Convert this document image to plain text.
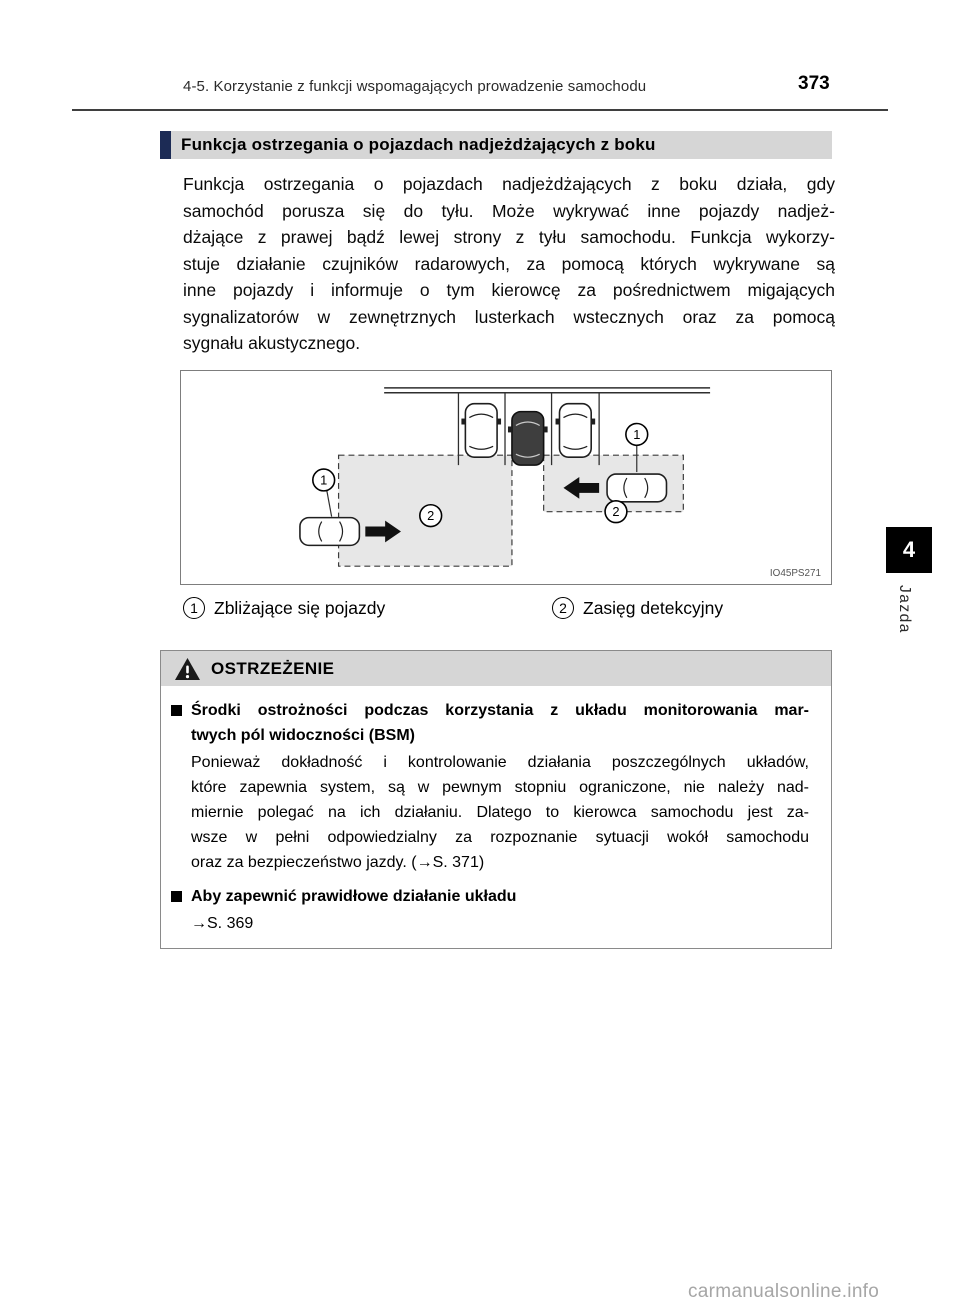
4-5. Korzystanie z funkcji wspomagających prowadzenie samochodu	373
Funkcja ostrzegania o pojazdach nadjeżdżających z boku
Funkcja ostrzegania o pojazdach nadjeżdżających z boku działa, gdy
samochód porusza się do tyłu. Może wykrywać inne pojazdy nadjeż-
dżające z prawej bądź lewej strony z tyłu samochodu. Funkcja wykorzy-
stuje działanie czujników radarowych, za pomocą których wykrywane są
inne pojazdy i informuje o tym kierowcę za pośrednictwem migających
sygnalizatorów w zewnętrznych lusterkach wstecznych oraz za pomocą
sygnału akustycznego.
1
2
1
2
IO45PS271
1 Zbliżające się pojazdy	2 Zasięg detekcyjny
4
Jazda
OSTRZEŻENIE
Środki ostrożności podczas korzystania z układu monitorowania mar-
twych pól widoczności (BSM)
Ponieważ dokładność i kontrolowanie działania poszczególnych układów,
które zapewnia system, są w pewnym stopniu ograniczone, nie należy nad-
miernie polegać na ich działaniu. Dlatego to kierowca samochodu jest za-
wsze w pełni odpowiedzialny za rozpoznanie sytuacji wokół samochodu
oraz za bezpieczeństwo jazdy. (→S. 371)
Aby zapewnić prawidłowe działanie układu
→S. 369
carmanualsonline.info
